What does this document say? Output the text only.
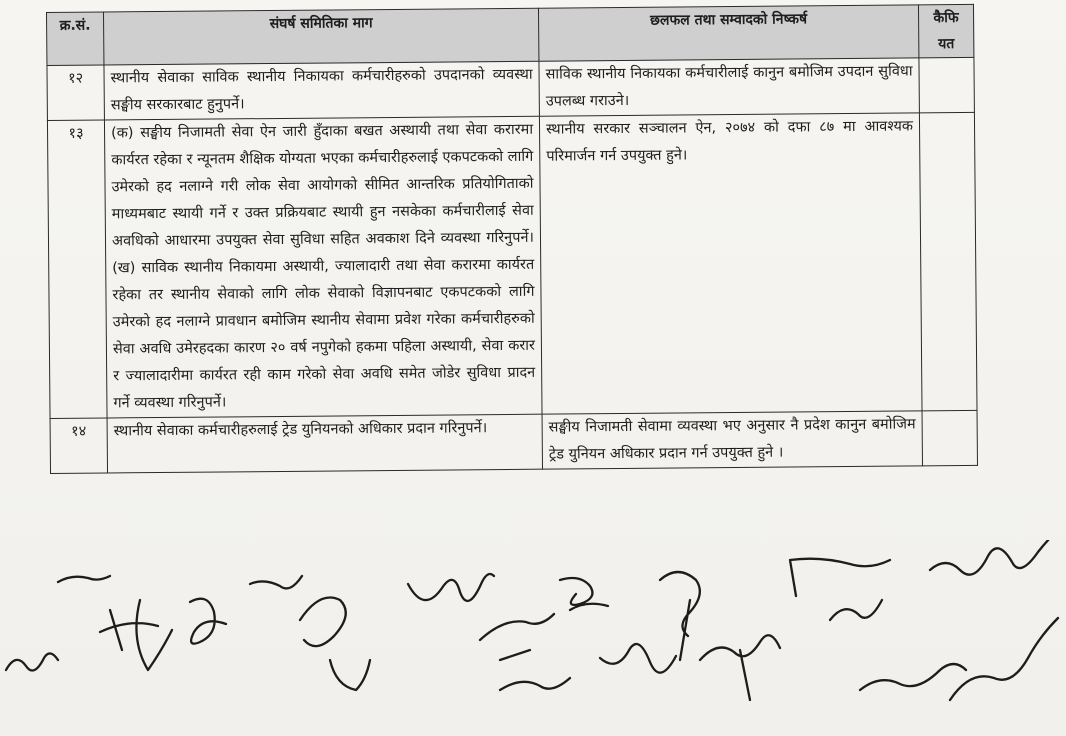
क्र.सं.	संघर्ष समितिका माग	छलफल तथा सम्वादको निष्कर्ष	कैफि
यत

१२	स्थानीय सेवाका साविक स्थानीय निकायका कर्मचारीहरुको उपदानको व्यवस्था सङ्घीय सरकारबाट हुनुपर्ने।	साविक स्थानीय निकायका कर्मचारीलाई कानुन बमोजिम उपदान सुविधा उपलब्ध गराउने।	
१३	(क) सङ्घीय निजामती सेवा ऐन जारी हुँदाका बखत अस्थायी तथा सेवा करारमा कार्यरत रहेका र न्यूनतम शैक्षिक योग्यता भएका कर्मचारीहरुलाई एकपटकको लागि उमेरको हद नलाग्ने गरी लोक सेवा आयोगको सीमित आन्तरिक प्रतियोगिताको माध्यमबाट स्थायी गर्ने र उक्त प्रक्रियबाट स्थायी हुन नसकेका कर्मचारीलाई सेवा अवधिको आधारमा उपयुक्त सेवा सुविधा सहित अवकाश दिने व्यवस्था गरिनुपर्ने। (ख) साविक स्थानीय निकायमा अस्थायी, ज्यालादारी तथा सेवा करारमा कार्यरत रहेका तर स्थानीय सेवाको लागि लोक सेवाको विज्ञापनबाट एकपटकको लागि उमेरको हद नलाग्ने प्रावधान बमोजिम स्थानीय सेवामा प्रवेश गरेका कर्मचारीहरुको सेवा अवधि उमेरहदका कारण २० वर्ष नपुगेको हकमा पहिला अस्थायी, सेवा करार र ज्यालादारीमा कार्यरत रही काम गरेको सेवा अवधि समेत जोडेर सुविधा प्रादन गर्ने व्यवस्था गरिनुपर्ने।	स्थानीय सरकार सञ्चालन ऐन, २०७४ को दफा ८७ मा आवश्यक परिमार्जन गर्न उपयुक्त हुने।	
१४	स्थानीय सेवाका कर्मचारीहरुलाई ट्रेड युनियनको अधिकार प्रदान गरिनुपर्ने।	सङ्घीय निजामती सेवामा व्यवस्था भए अनुसार नै प्रदेश कानुन बमोजिम ट्रेड युनियन अधिकार प्रदान गर्न उपयुक्त हुने ।	
